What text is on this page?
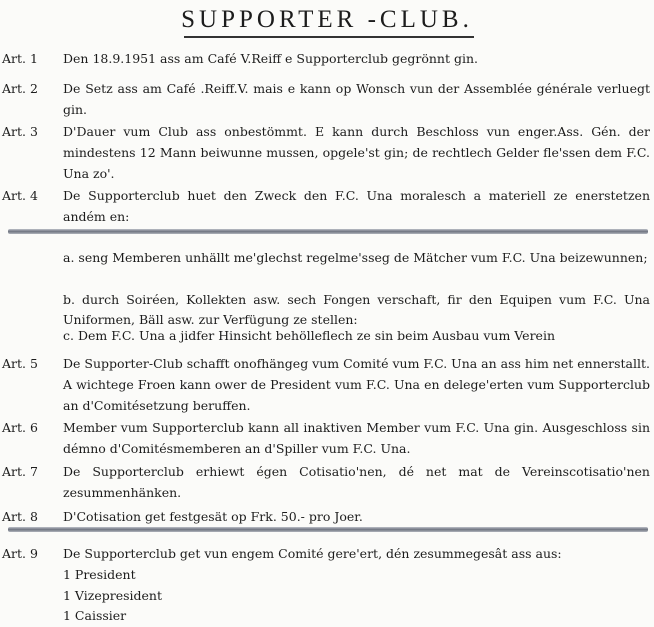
SUPPORTER -CLUB.
Art. 1	Den 18.9.1951 ass am Café V.Reiff e Supporterclub gegrönnt gin.
Art. 2	De Setz ass am Café .Reiff.V. mais e kann op Wonsch vun der Assemblée générale verluegt gin.
Art. 3	D'Dauer vum Club ass onbestömmt. E kann durch Beschloss vun enger.Ass. Gén. der mindestens 12 Mann beiwunne mussen, opgele'st gin; de rechtlech Gelder fle'ssen dem F.C. Una zo'.
Art. 4	De Supporterclub huet den Zweck den F.C. Una moralesch a materiell ze enerstetzen andém en:
a. seng Memberen unhällt me'glechst regelme'sseg de Mätcher vum F.C. Una beizewunnen;
b. durch Soiréen, Kollekten asw. sech Fongen verschaft, fir den Equipen vum F.C. Una Uniformen, Bäll asw. zur Verfügung ze stellen:
c. Dem F.C. Una a jidfer Hinsicht behölleflech ze sin beim Ausbau vum Verein
Art. 5	De Supporter-Club schafft onofhängeg vum Comité vum F.C. Una an ass him net ennerstallt. A wichtege Froen kann ower de President vum F.C. Una en delege'erten vum Supporterclub an d'Comitésetzung beruffen.
Art. 6	Member vum Supporterclub kann all inaktiven Member vum F.C. Una gin. Ausgeschloss sin démno d'Comitésmemberen an d'Spiller vum F.C. Una.
Art. 7	De Supporterclub erhiewt égen Cotisatio'nen, dé net mat de Vereinscotisatio'nen zesummenhänken.
Art. 8	D'Cotisation get festgesät op Frk. 50.- pro Joer.
Art. 9	De Supporterclub get vun engem Comité gere'ert, dén zesummegesât ass aus:
1 President
1 Vizepresident
1 Caissier
